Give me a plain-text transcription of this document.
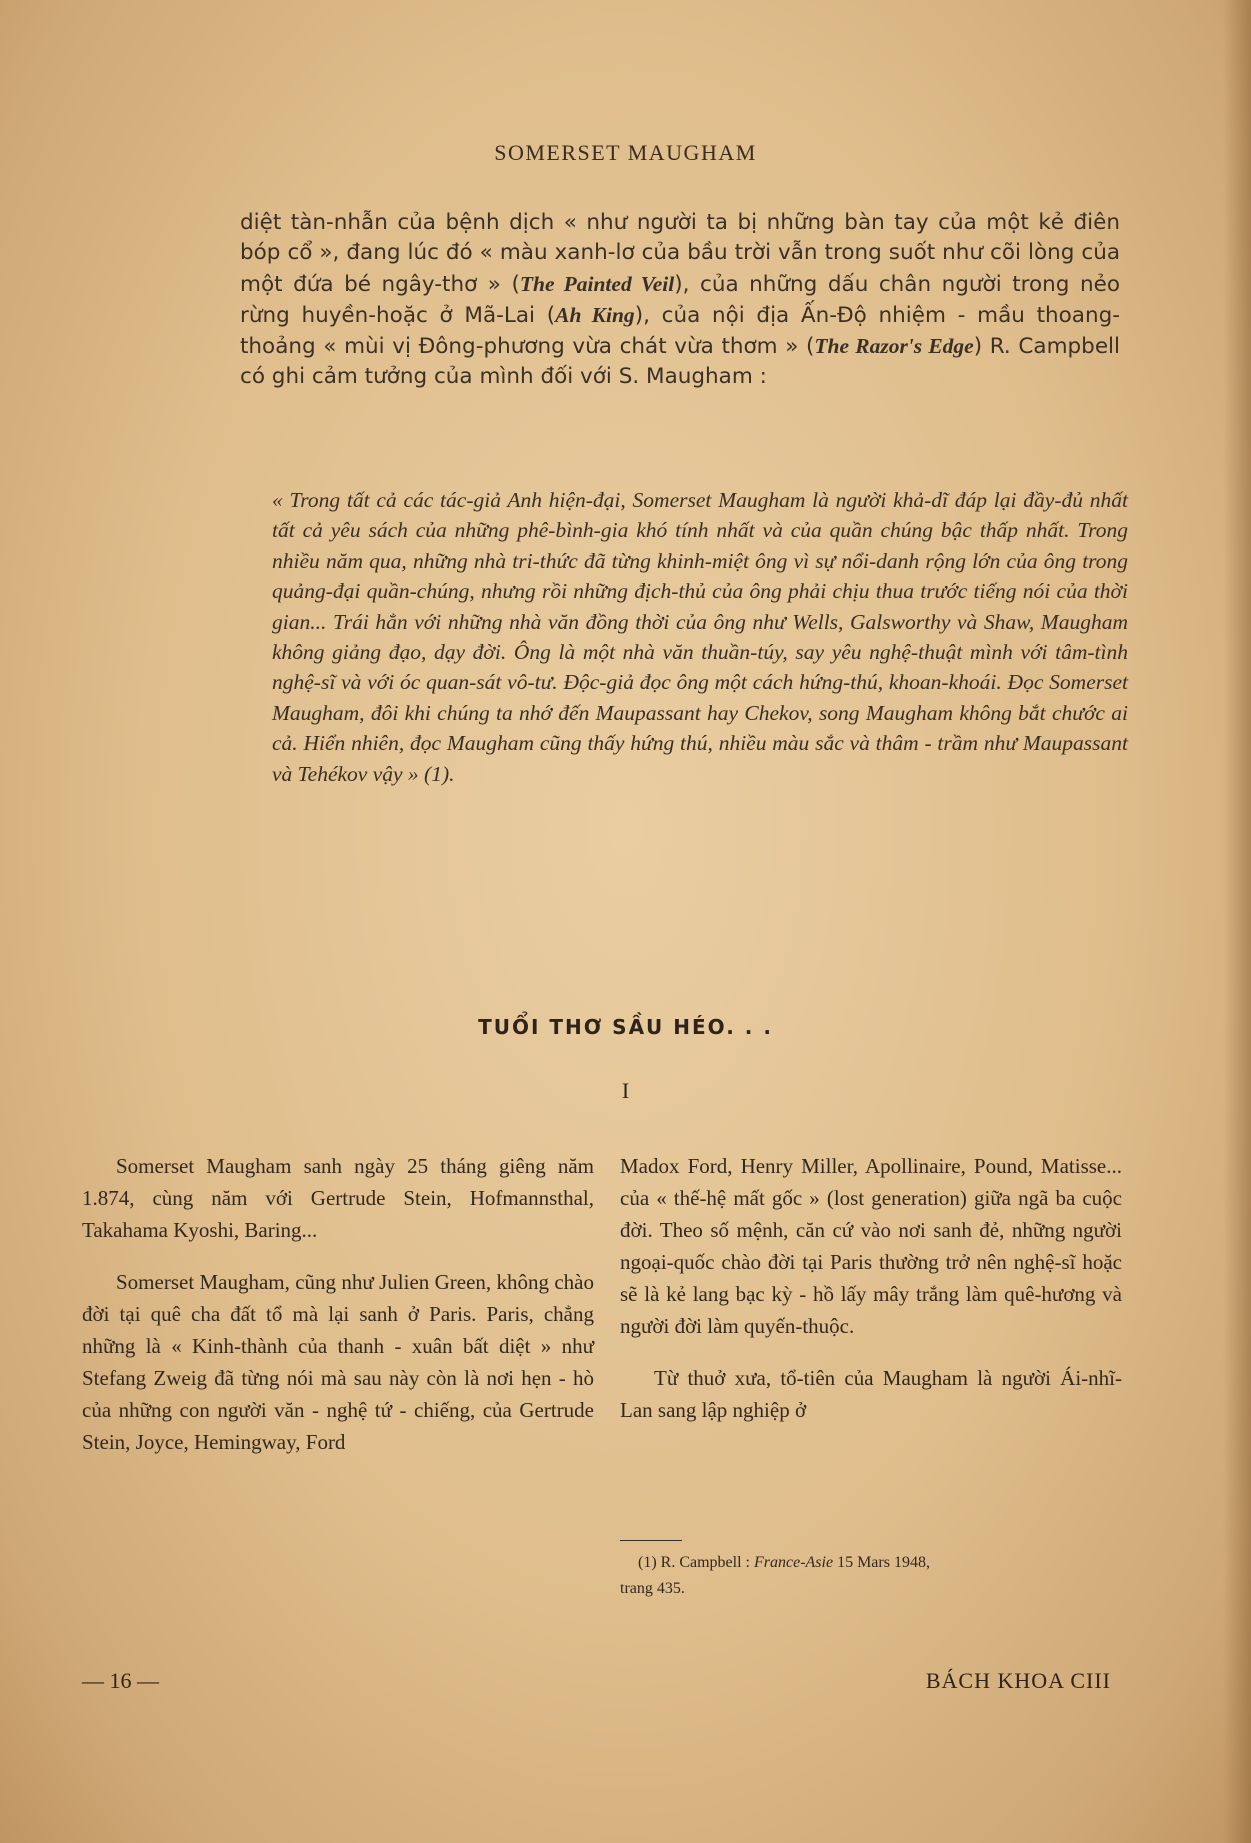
SOMERSET MAUGHAM
diệt tàn-nhẫn của bệnh dịch « như người ta bị những bàn tay của một kẻ điên bóp cổ », đang lúc đó « màu xanh-lơ của bầu trời vẫn trong suốt như cõi lòng của một đứa bé ngây-thơ » (The Painted Veil), của những dấu chân người trong nẻo rừng huyền-hoặc ở Mã-Lai (Ah King), của nội địa Ấn-Độ nhiệm - mầu thoang-thoảng « mùi vị Đông-phương vừa chát vừa thơm » (The Razor's Edge) R. Campbell có ghi cảm tưởng của mình đối với S. Maugham :
« Trong tất cả các tác-giả Anh hiện-đại, Somerset Maugham là người khả-dĩ đáp lại đầy-đủ nhất tất cả yêu sách của những phê-bình-gia khó tính nhất và của quần chúng bậc thấp nhất. Trong nhiều năm qua, những nhà tri-thức đã từng khinh-miệt ông vì sự nổi-danh rộng lớn của ông trong quảng-đại quần-chúng, nhưng rồi những địch-thủ của ông phải chịu thua trước tiếng nói của thời gian... Trái hẳn với những nhà văn đồng thời của ông như Wells, Galsworthy và Shaw, Maugham không giảng đạo, dạy đời. Ông là một nhà văn thuần-túy, say yêu nghệ-thuật mình với tâm-tình nghệ-sĩ và với óc quan-sát vô-tư. Độc-giả đọc ông một cách hứng-thú, khoan-khoái. Đọc Somerset Maugham, đôi khi chúng ta nhớ đến Maupassant hay Chekov, song Maugham không bắt chước ai cả. Hiển nhiên, đọc Maugham cũng thấy hứng thú, nhiều màu sắc và thâm - trầm như Maupassant và Tehékov vậy » (1).
TUỔI THƠ SẦU HÉO. . .
I

Somerset Maugham sanh ngày 25 tháng giêng năm 1.874, cùng năm với Gertrude Stein, Hofmannsthal, Takahama Kyoshi, Baring...

Somerset Maugham, cũng như Julien Green, không chào đời tại quê cha đất tổ mà lại sanh ở Paris. Paris, chẳng những là « Kinh-thành của thanh - xuân bất diệt » như Stefang Zweig đã từng nói mà sau này còn là nơi hẹn - hò của những con người văn - nghệ tứ - chiếng, của Gertrude Stein, Joyce, Hemingway, Ford

Madox Ford, Henry Miller, Apollinaire, Pound, Matisse... của « thế-hệ mất gốc » (lost generation) giữa ngã ba cuộc đời. Theo số mệnh, căn cứ vào nơi sanh đẻ, những người ngoại-quốc chào đời tại Paris thường trở nên nghệ-sĩ hoặc sẽ là kẻ lang bạc kỳ - hồ lấy mây trắng làm quê-hương và người đời làm quyến-thuộc.

Từ thuở xưa, tổ-tiên của Maugham là người Ái-nhĩ-Lan sang lập nghiệp ở

(1) R. Campbell : France-Asie 15 Mars 1948,
trang 435.
— 16 —	BÁCH KHOA CIII
